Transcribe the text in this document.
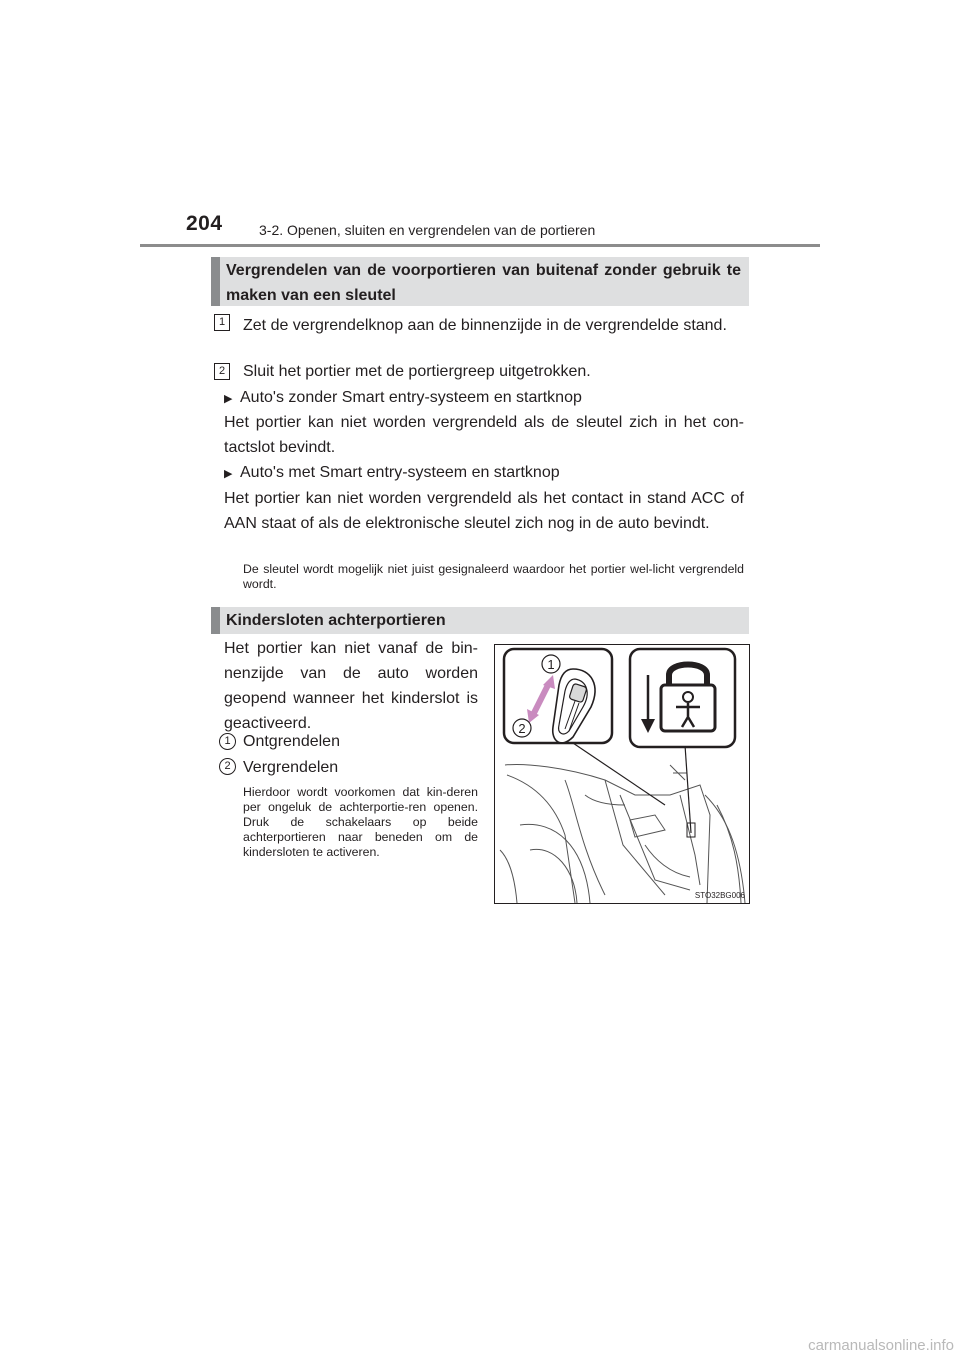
204	3-2. Openen, sluiten en vergrendelen van de portieren
Vergrendelen van de voorportieren van buitenaf zonder gebruik te maken van een sleutel
1	Zet de vergrendelknop aan de binnenzijde in de vergrendelde stand.
2	Sluit het portier met de portiergreep uitgetrokken.
▶ Auto's zonder Smart entry-systeem en startknop
Het portier kan niet worden vergrendeld als de sleutel zich in het con-tactslot bevindt.
▶ Auto's met Smart entry-systeem en startknop
Het portier kan niet worden vergrendeld als het contact in stand ACC of AAN staat of als de elektronische sleutel zich nog in de auto bevindt.
De sleutel wordt mogelijk niet juist gesignaleerd waardoor het portier wel-licht vergrendeld wordt.
Kindersloten achterportieren
Het portier kan niet vanaf de bin-nenzijde van de auto worden geopend wanneer het kinderslot is geactiveerd.
1 Ontgrendelen
2 Vergrendelen
Hierdoor wordt voorkomen dat kin-deren per ongeluk de achterportie-ren openen. Druk de schakelaars op beide achterportieren naar beneden om de kindersloten te activeren.
1
2
STO32BG006
carmanualsonline.info
